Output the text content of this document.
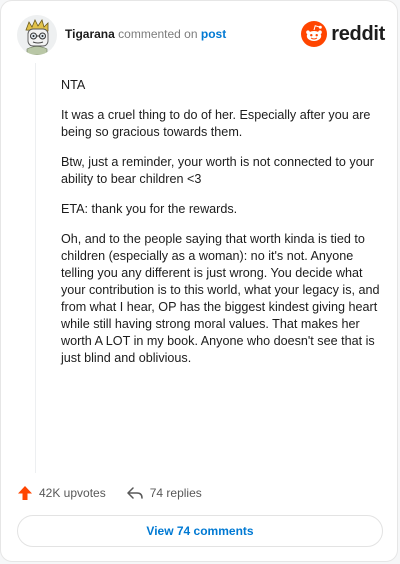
Tigarana commented on post	reddit

NTA

It was a cruel thing to do of her. Especially after you are being so gracious towards them.

Btw, just a reminder, your worth is not connected to your ability to bear children <3

ETA: thank you for the rewards.

Oh, and to the people saying that worth kinda is tied to children (especially as a woman): no it's not. Anyone telling you any different is just wrong. You decide what your contribution is to this world, what your legacy is, and from what I hear, OP has the biggest kindest giving heart while still having strong moral values. That makes her worth A LOT in my book. Anyone who doesn't see that is just blind and oblivious.

42K upvotes	74 replies
View 74 comments
